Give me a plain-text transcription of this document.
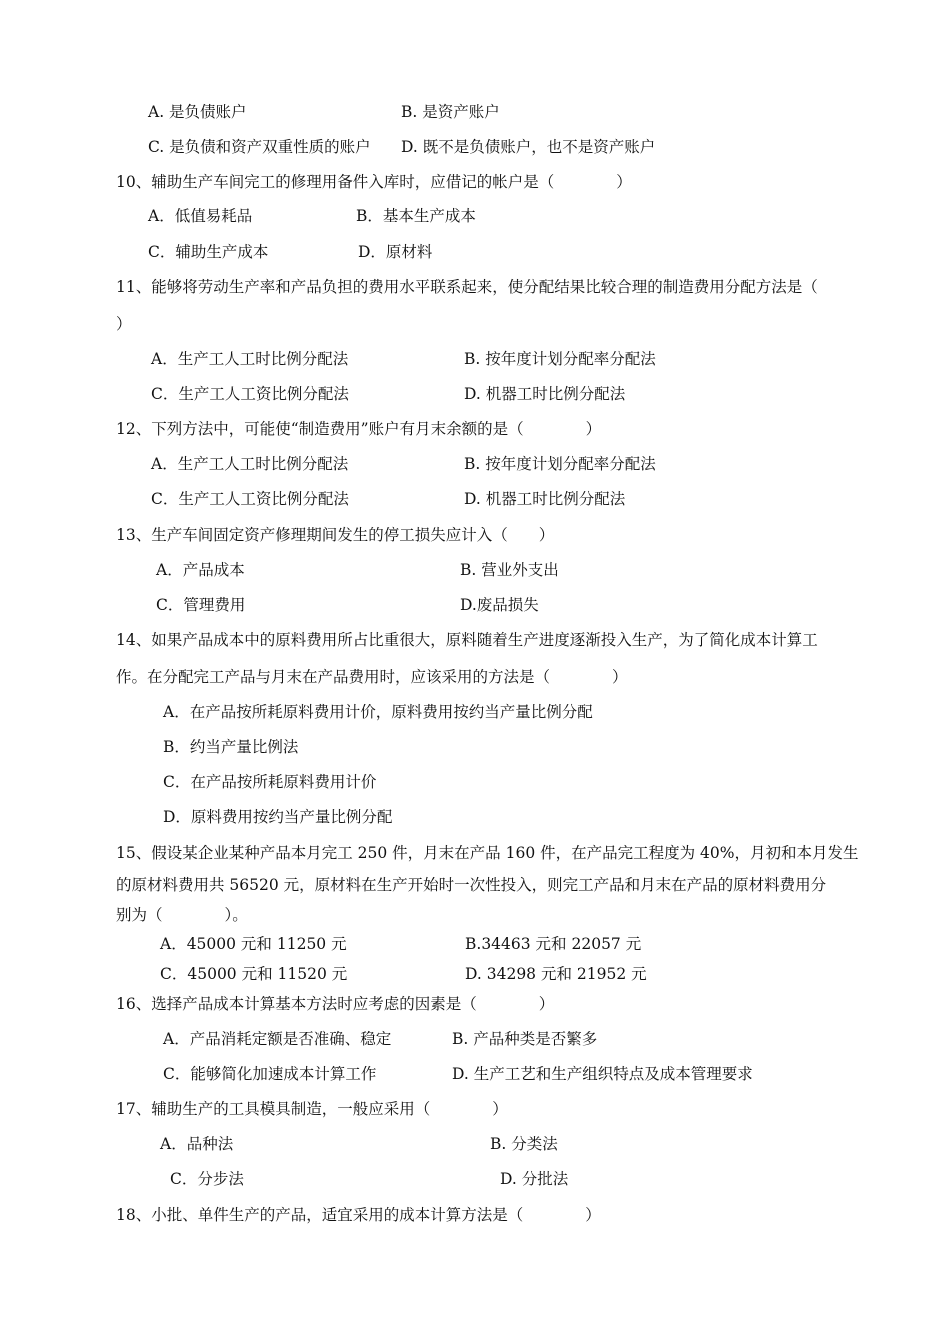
A. 是负债账户	B. 是资产账户
C. 是负债和资产双重性质的账户 D. 既不是负债账户，也不是资产账户
10、辅助生产车间完工的修理用备件入库时，应借记的帐户是（　　　　）
A．低值易耗品	B．基本生产成本
C．辅助生产成本	D．原材料
11、能够将劳动生产率和产品负担的费用水平联系起来，使分配结果比较合理的制造费用分配方法是（
）
A．生产工人工时比例分配法	B. 按年度计划分配率分配法
C．生产工人工资比例分配法	D. 机器工时比例分配法
12、下列方法中，可能使“制造费用”账户有月末余额的是（　　　　）
A．生产工人工时比例分配法	B. 按年度计划分配率分配法
C．生产工人工资比例分配法	D. 机器工时比例分配法
13、生产车间固定资产修理期间发生的停工损失应计入（　　）
A．产品成本	B. 营业外支出
C．管理费用	D.废品损失
14、如果产品成本中的原料费用所占比重很大，原料随着生产进度逐渐投入生产，为了简化成本计算工
作。在分配完工产品与月末在产品费用时，应该采用的方法是（　　　　）
A．在产品按所耗原料费用计价，原料费用按约当产量比例分配
B．约当产量比例法
C．在产品按所耗原料费用计价
D．原料费用按约当产量比例分配
15、假设某企业某种产品本月完工 250 件，月末在产品 160 件，在产品完工程度为 40%，月初和本月发生
的原材料费用共 56520 元，原材料在生产开始时一次性投入，则完工产品和月末在产品的原材料费用分
别为（　　　　）。
A．45000 元和 11250 元	B.34463 元和 22057 元
C．45000 元和 11520 元	D. 34298 元和 21952 元
16、选择产品成本计算基本方法时应考虑的因素是（　　　　）
A．产品消耗定额是否准确、稳定	B. 产品种类是否繁多
C．能够简化加速成本计算工作	D. 生产工艺和生产组织特点及成本管理要求
17、辅助生产的工具模具制造，一般应采用（　　　　）
A．品种法	B. 分类法
C．分步法	D. 分批法
18、小批、单件生产的产品，适宜采用的成本计算方法是（　　　　）
